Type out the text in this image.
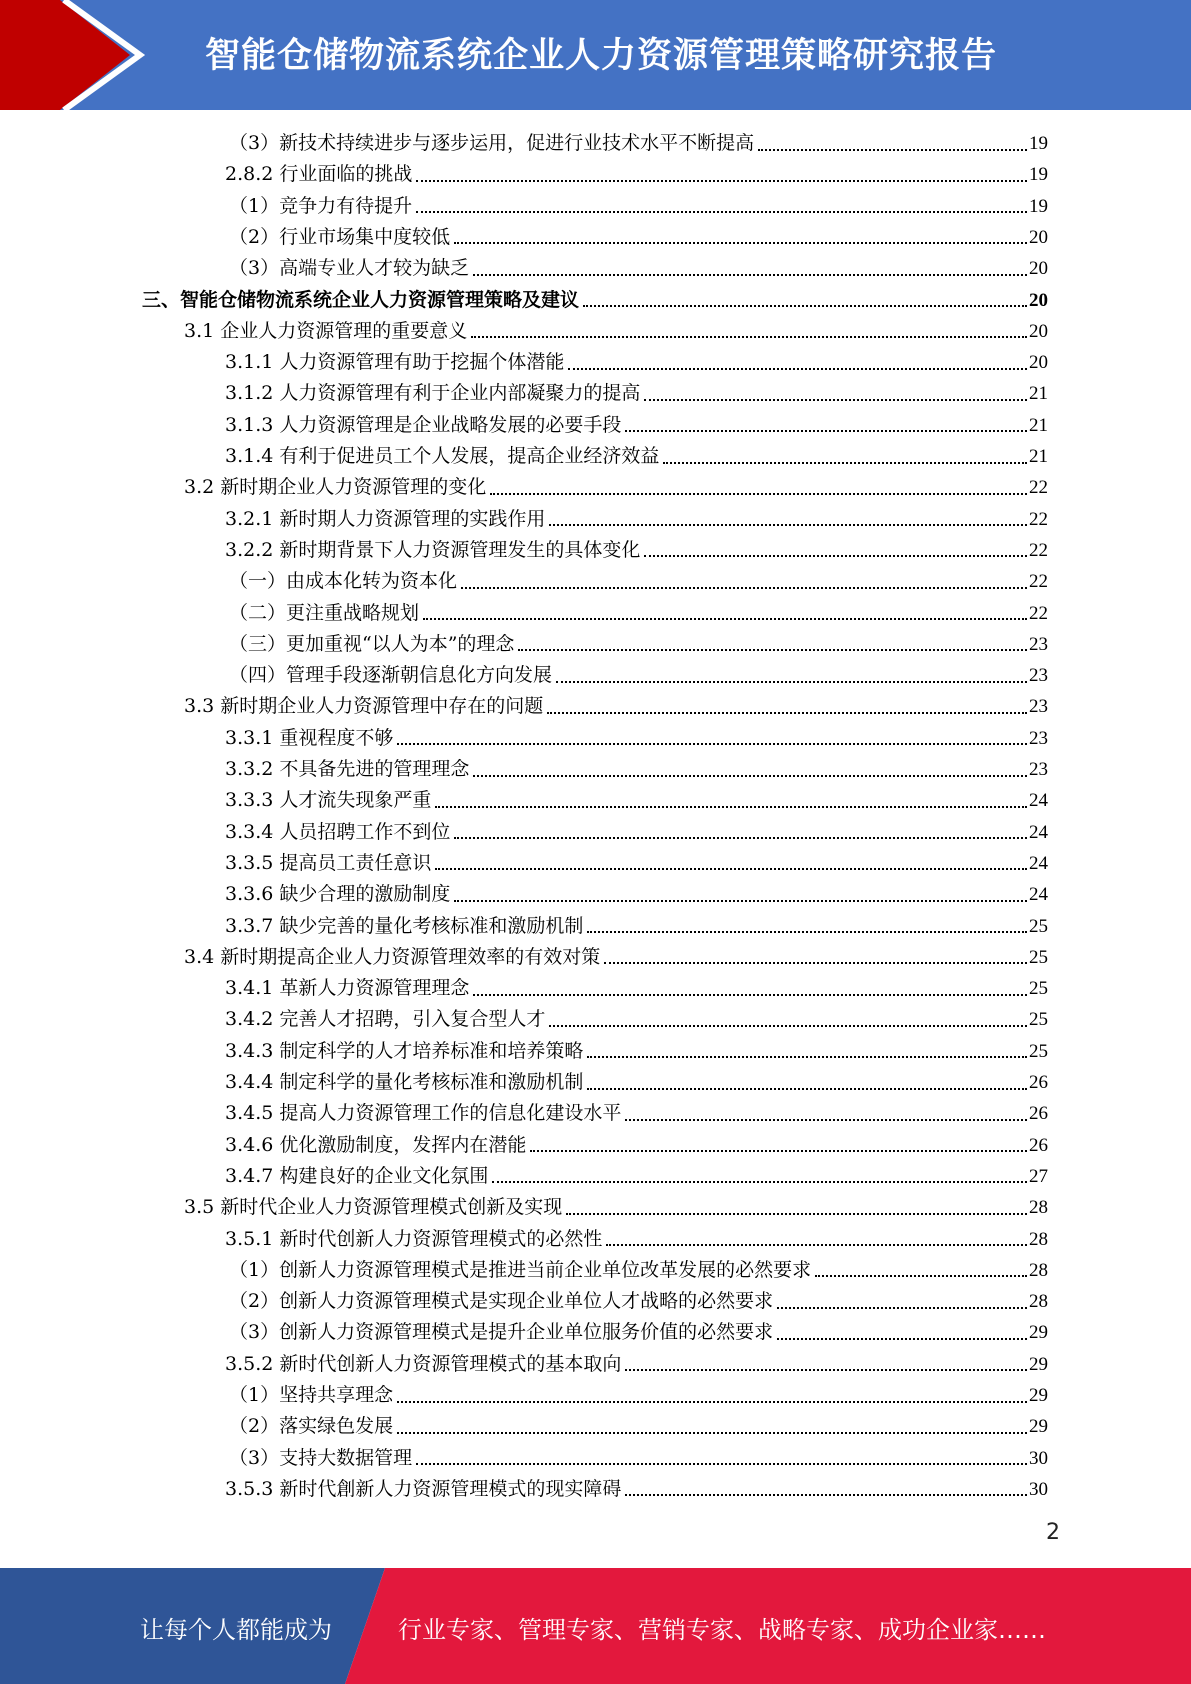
智能仓储物流系统企业人力资源管理策略研究报告
（3）新技术持续进步与逐步运用，促进行业技术水平不断提高	19
2.8.2 行业面临的挑战	19
（1）竞争力有待提升	19
（2）行业市场集中度较低	20
（3）高端专业人才较为缺乏	20
三、智能仓储物流系统企业人力资源管理策略及建议	20
3.1 企业人力资源管理的重要意义	20
3.1.1 人力资源管理有助于挖掘个体潜能	20
3.1.2 人力资源管理有利于企业内部凝聚力的提高	21
3.1.3 人力资源管理是企业战略发展的必要手段	21
3.1.4 有利于促进员工个人发展，提高企业经济效益	21
3.2 新时期企业人力资源管理的变化	22
3.2.1 新时期人力资源管理的实践作用	22
3.2.2 新时期背景下人力资源管理发生的具体变化	22
（一）由成本化转为资本化	22
（二）更注重战略规划	22
（三）更加重视“以人为本”的理念	23
（四）管理手段逐渐朝信息化方向发展	23
3.3 新时期企业人力资源管理中存在的问题	23
3.3.1 重视程度不够	23
3.3.2 不具备先进的管理理念	23
3.3.3 人才流失现象严重	24
3.3.4 人员招聘工作不到位	24
3.3.5 提高员工责任意识	24
3.3.6 缺少合理的激励制度	24
3.3.7 缺少完善的量化考核标准和激励机制	25
3.4 新时期提高企业人力资源管理效率的有效对策	25
3.4.1 革新人力资源管理理念	25
3.4.2 完善人才招聘，引入复合型人才	25
3.4.3 制定科学的人才培养标准和培养策略	25
3.4.4 制定科学的量化考核标准和激励机制	26
3.4.5 提高人力资源管理工作的信息化建设水平	26
3.4.6 优化激励制度，发挥内在潜能	26
3.4.7 构建良好的企业文化氛围	27
3.5 新时代企业人力资源管理模式创新及实现	28
3.5.1 新时代创新人力资源管理模式的必然性	28
（1）创新人力资源管理模式是推进当前企业单位改革发展的必然要求	28
（2）创新人力资源管理模式是实现企业单位人才战略的必然要求	28
（3）创新人力资源管理模式是提升企业单位服务价值的必然要求	29
3.5.2 新时代创新人力资源管理模式的基本取向	29
（1）坚持共享理念	29
（2）落实绿色发展	29
（3）支持大数据管理	30
3.5.3 新时代創新人力资源管理模式的现实障碍	30
2
让每个人都能成为	行业专家、管理专家、营销专家、战略专家、成功企业家……
